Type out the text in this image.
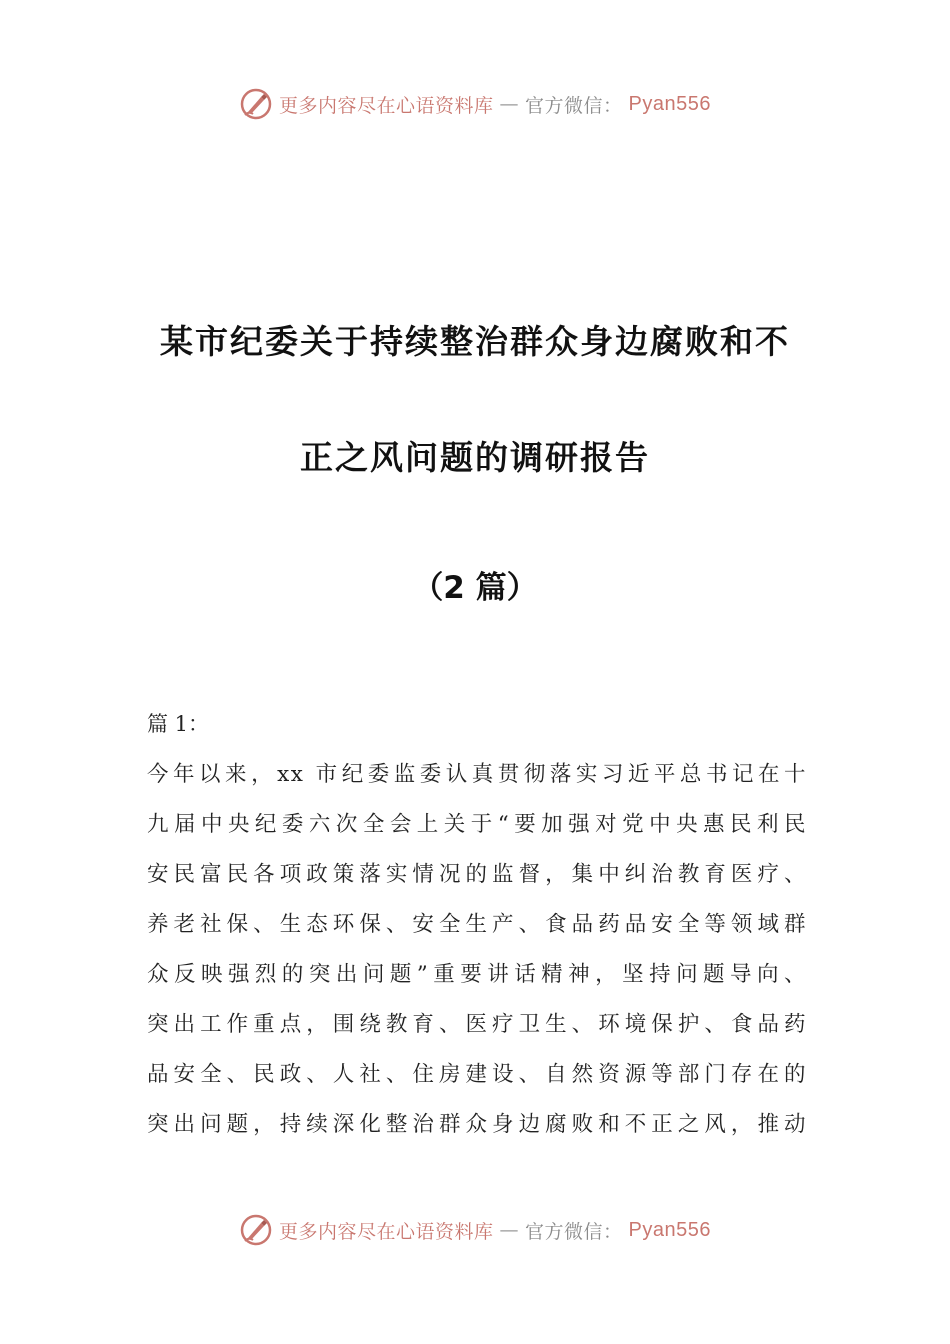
更多内容尽在心语资料库 — 官方微信： Pyan556
某市纪委关于持续整治群众身边腐败和不
正之风问题的调研报告
（2 篇）
篇 1：
今年以来，xx 市纪委监委认真贯彻落实习近平总书记在十
九届中央纪委六次全会上关于“要加强对党中央惠民利民
安民富民各项政策落实情况的监督，集中纠治教育医疗、
养老社保、生态环保、安全生产、食品药品安全等领域群
众反映强烈的突出问题”重要讲话精神，坚持问题导向、
突出工作重点，围绕教育、医疗卫生、环境保护、食品药
品安全、民政、人社、住房建设、自然资源等部门存在的
突出问题，持续深化整治群众身边腐败和不正之风，推动
更多内容尽在心语资料库 — 官方微信： Pyan556
